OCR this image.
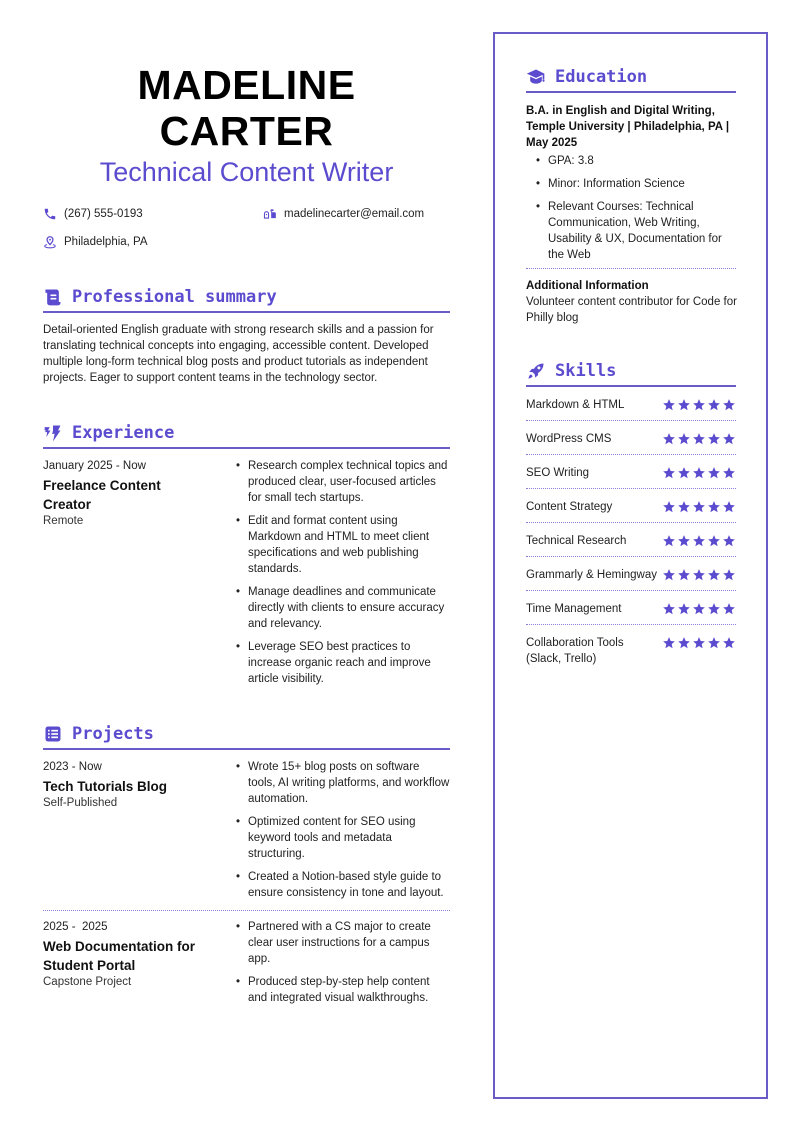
MADELINE
CARTER
Technical Content Writer
(267) 555-0193	madelinecarter@email.com
Philadelphia, PA
Professional summary
Detail-oriented English graduate with strong research skills and a passion for translating technical concepts into engaging, accessible content. Developed multiple long-form technical blog posts and product tutorials as independent projects. Eager to support content teams in the technology sector.
Experience
January 2025 - Now
Freelance Content Creator
Remote
• Research complex technical topics and produced clear, user-focused articles for small tech startups.
• Edit and format content using Markdown and HTML to meet client specifications and web publishing standards.
• Manage deadlines and communicate directly with clients to ensure accuracy and relevancy.
• Leverage SEO best practices to increase organic reach and improve article visibility.
Projects
2023 - Now
Tech Tutorials Blog
Self-Published
• Wrote 15+ blog posts on software tools, AI writing platforms, and workflow automation.
• Optimized content for SEO using keyword tools and metadata structuring.
• Created a Notion-based style guide to ensure consistency in tone and layout.
2025 -  2025
Web Documentation for Student Portal
Capstone Project
• Partnered with a CS major to create clear user instructions for a campus app.
• Produced step-by-step help content and integrated visual walkthroughs.
Education
B.A. in English and Digital Writing, Temple University | Philadelphia, PA | May 2025
• GPA: 3.8
• Minor: Information Science
• Relevant Courses: Technical Communication, Web Writing, Usability & UX, Documentation for the Web
Additional Information
Volunteer content contributor for Code for Philly blog
Skills
Markdown & HTML
WordPress CMS
SEO Writing
Content Strategy
Technical Research
Grammarly & Hemingway
Time Management
Collaboration Tools (Slack, Trello)
